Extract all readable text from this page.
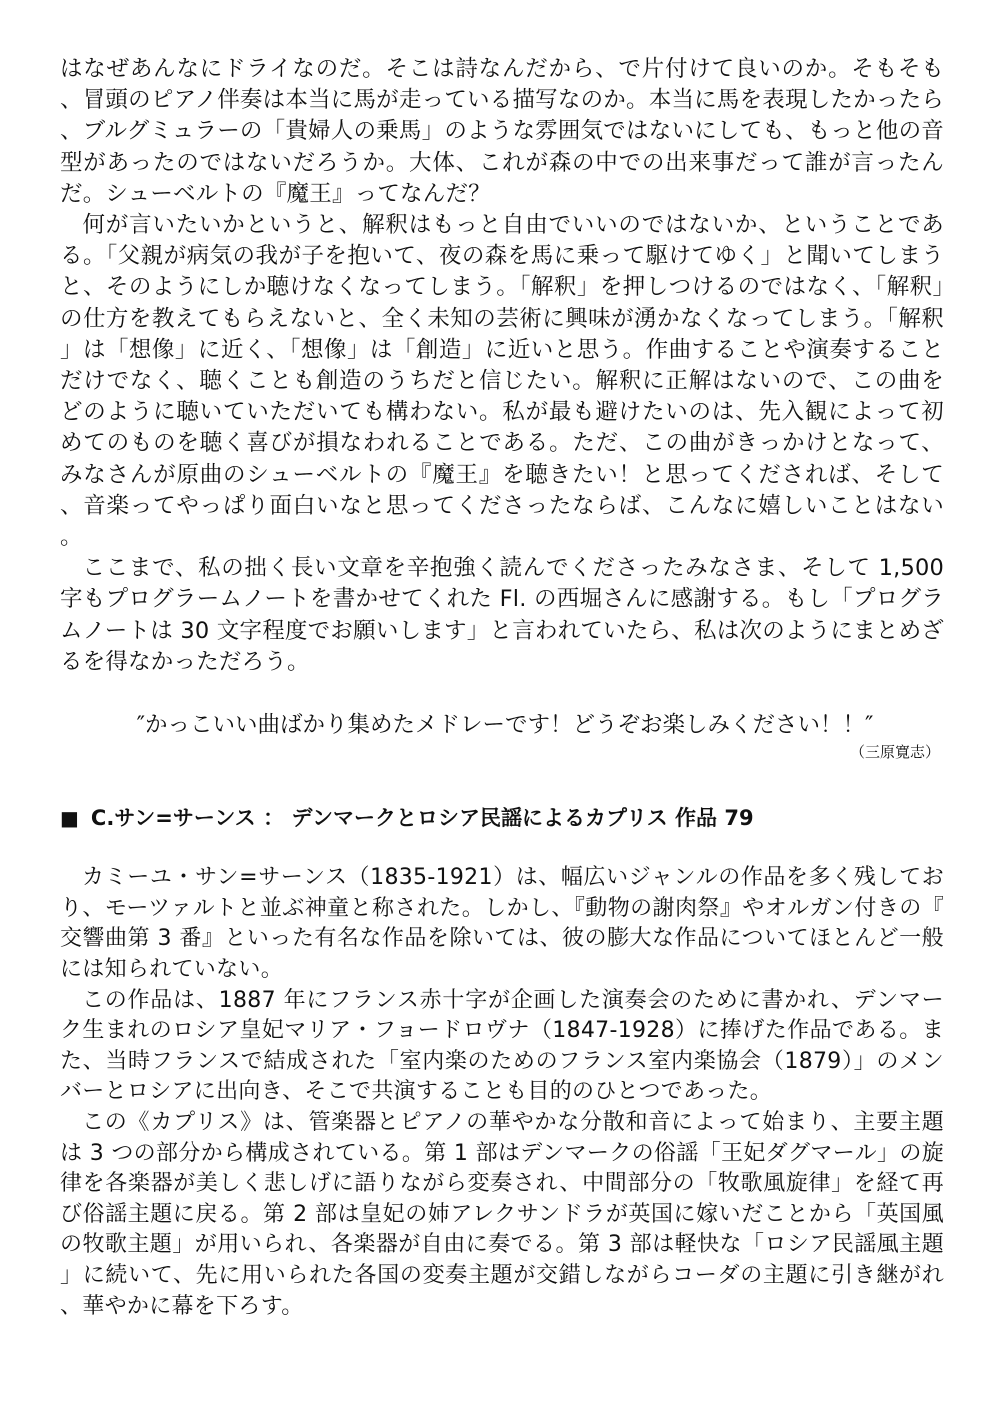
はなぜあんなにドライなのだ。そこは詩なんだから、で片付けて良いのか。そもそも、冒頭のピアノ伴奏は本当に馬が走っている描写なのか。本当に馬を表現したかったら、ブルグミュラーの「貴婦人の乗馬」のような雰囲気ではないにしても、もっと他の音型があったのではないだろうか。大体、これが森の中での出来事だって誰が言ったんだ。シューベルトの『魔王』ってなんだ？

何が言いたいかというと、解釈はもっと自由でいいのではないか、ということである。「父親が病気の我が子を抱いて、夜の森を馬に乗って駆けてゆく」と聞いてしまうと、そのようにしか聴けなくなってしまう。「解釈」を押しつけるのではなく、「解釈」の仕方を教えてもらえないと、全く未知の芸術に興味が湧かなくなってしまう。「解釈」は「想像」に近く、「想像」は「創造」に近いと思う。作曲することや演奏することだけでなく、聴くことも創造のうちだと信じたい。解釈に正解はないので、この曲をどのように聴いていただいても構わない。私が最も避けたいのは、先入観によって初めてのものを聴く喜びが損なわれることである。ただ、この曲がきっかけとなって、みなさんが原曲のシューベルトの『魔王』を聴きたい！と思ってくだされば、そして、音楽ってやっぱり面白いなと思ってくださったならば、こんなに嬉しいことはない。

ここまで、私の拙く長い文章を辛抱強く読んでくださったみなさま、そして 1,500 字もプログラームノートを書かせてくれた Fl. の西堀さんに感謝する。もし「プログラムノートは 30 文字程度でお願いします」と言われていたら、私は次のようにまとめざるを得なかっただろう。

″かっこいい曲ばかり集めたメドレーです！どうぞお楽しみください！！″

（三原寛志）

■ C.サン=サーンス ： デンマークとロシア民謡によるカプリス 作品 79

カミーユ・サン=サーンス（1835-1921）は、幅広いジャンルの作品を多く残しており、モーツァルトと並ぶ神童と称された。しかし、『動物の謝肉祭』やオルガン付きの『交響曲第 3 番』といった有名な作品を除いては、彼の膨大な作品についてほとんど一般には知られていない。

この作品は、1887 年にフランス赤十字が企画した演奏会のために書かれ、デンマーク生まれのロシア皇妃マリア・フョードロヴナ（1847-1928）に捧げた作品である。また、当時フランスで結成された「室内楽のためのフランス室内楽協会（1879）」のメンバーとロシアに出向き、そこで共演することも目的のひとつであった。

この《カプリス》は、管楽器とピアノの華やかな分散和音によって始まり、主要主題は 3 つの部分から構成されている。第 1 部はデンマークの俗謡「王妃ダグマール」の旋律を各楽器が美しく悲しげに語りながら変奏され、中間部分の「牧歌風旋律」を経て再び俗謡主題に戻る。第 2 部は皇妃の姉アレクサンドラが英国に嫁いだことから「英国風の牧歌主題」が用いられ、各楽器が自由に奏でる。第 3 部は軽快な「ロシア民謡風主題」に続いて、先に用いられた各国の変奏主題が交錯しながらコーダの主題に引き継がれ、華やかに幕を下ろす。
